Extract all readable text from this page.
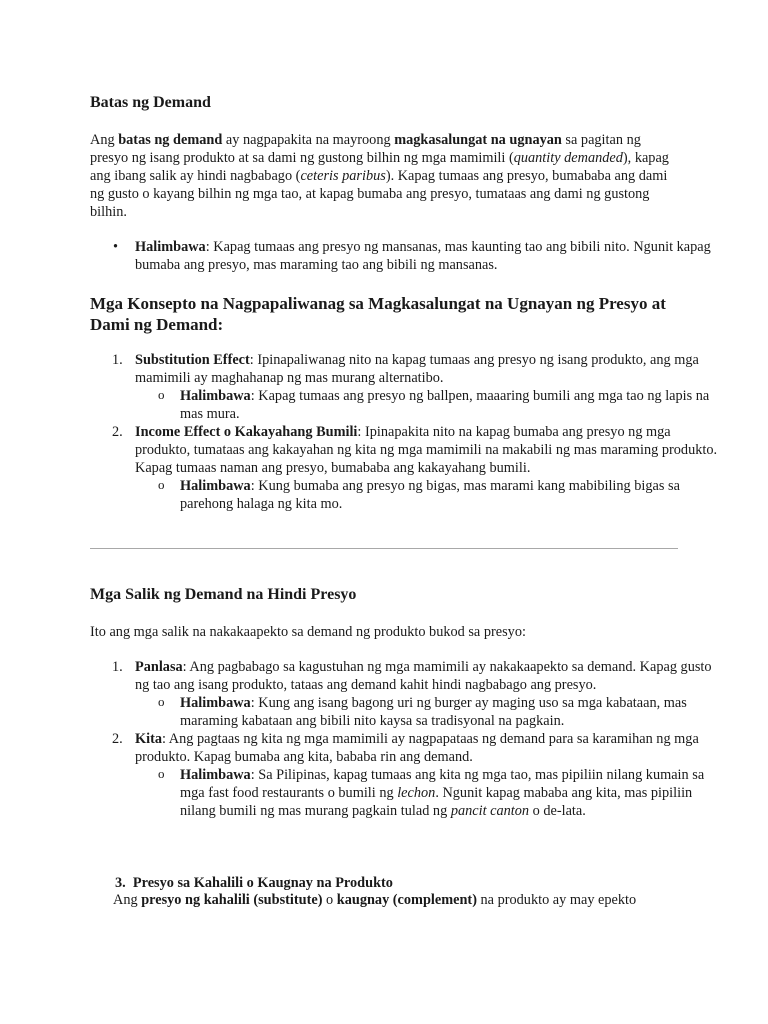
Batas ng Demand

Ang batas ng demand ay nagpapakita na mayroong magkasalungat na ugnayan sa pagitan ng presyo ng isang produkto at sa dami ng gustong bilhin ng mga mamimili (quantity demanded), kapag ang ibang salik ay hindi nagbabago (ceteris paribus). Kapag tumaas ang presyo, bumababa ang dami ng gusto o kayang bilhin ng mga tao, at kapag bumaba ang presyo, tumataas ang dami ng gustong bilhin.

• Halimbawa: Kapag tumaas ang presyo ng mansanas, mas kaunting tao ang bibili nito. Ngunit kapag bumaba ang presyo, mas maraming tao ang bibili ng mansanas.
Mga Konsepto na Nagpapaliwanag sa Magkasalungat na Ugnayan ng Presyo at Dami ng Demand:
1. Substitution Effect: Ipinapaliwanag nito na kapag tumaas ang presyo ng isang produkto, ang mga mamimili ay maghahanap ng mas murang alternatibo.
o Halimbawa: Kapag tumaas ang presyo ng ballpen, maaaring bumili ang mga tao ng lapis na mas mura.
2. Income Effect o Kakayahang Bumili: Ipinapakita nito na kapag bumaba ang presyo ng mga produkto, tumataas ang kakayahan ng kita ng mga mamimili na makabili ng mas maraming produkto. Kapag tumaas naman ang presyo, bumababa ang kakayahang bumili.
o Halimbawa: Kung bumaba ang presyo ng bigas, mas marami kang mabibiling bigas sa parehong halaga ng kita mo.
Mga Salik ng Demand na Hindi Presyo

Ito ang mga salik na nakakaapekto sa demand ng produkto bukod sa presyo:

1. Panlasa: Ang pagbabago sa kagustuhan ng mga mamimili ay nakakaapekto sa demand. Kapag gusto ng tao ang isang produkto, tataas ang demand kahit hindi nagbabago ang presyo.
o Halimbawa: Kung ang isang bagong uri ng burger ay maging uso sa mga kabataan, mas maraming kabataan ang bibili nito kaysa sa tradisyonal na pagkain.
2. Kita: Ang pagtaas ng kita ng mga mamimili ay nagpapataas ng demand para sa karamihan ng mga produkto. Kapag bumaba ang kita, bababa rin ang demand.
o Halimbawa: Sa Pilipinas, kapag tumaas ang kita ng mga tao, mas pipiliin nilang kumain sa mga fast food restaurants o bumili ng lechon. Ngunit kapag mababa ang kita, mas pipiliin nilang bumili ng mas murang pagkain tulad ng pancit canton o de-lata.
3. Presyo sa Kahalili o Kaugnay na Produkto

Ang presyo ng kahalili (substitute) o kaugnay (complement) na produkto ay may epekto
